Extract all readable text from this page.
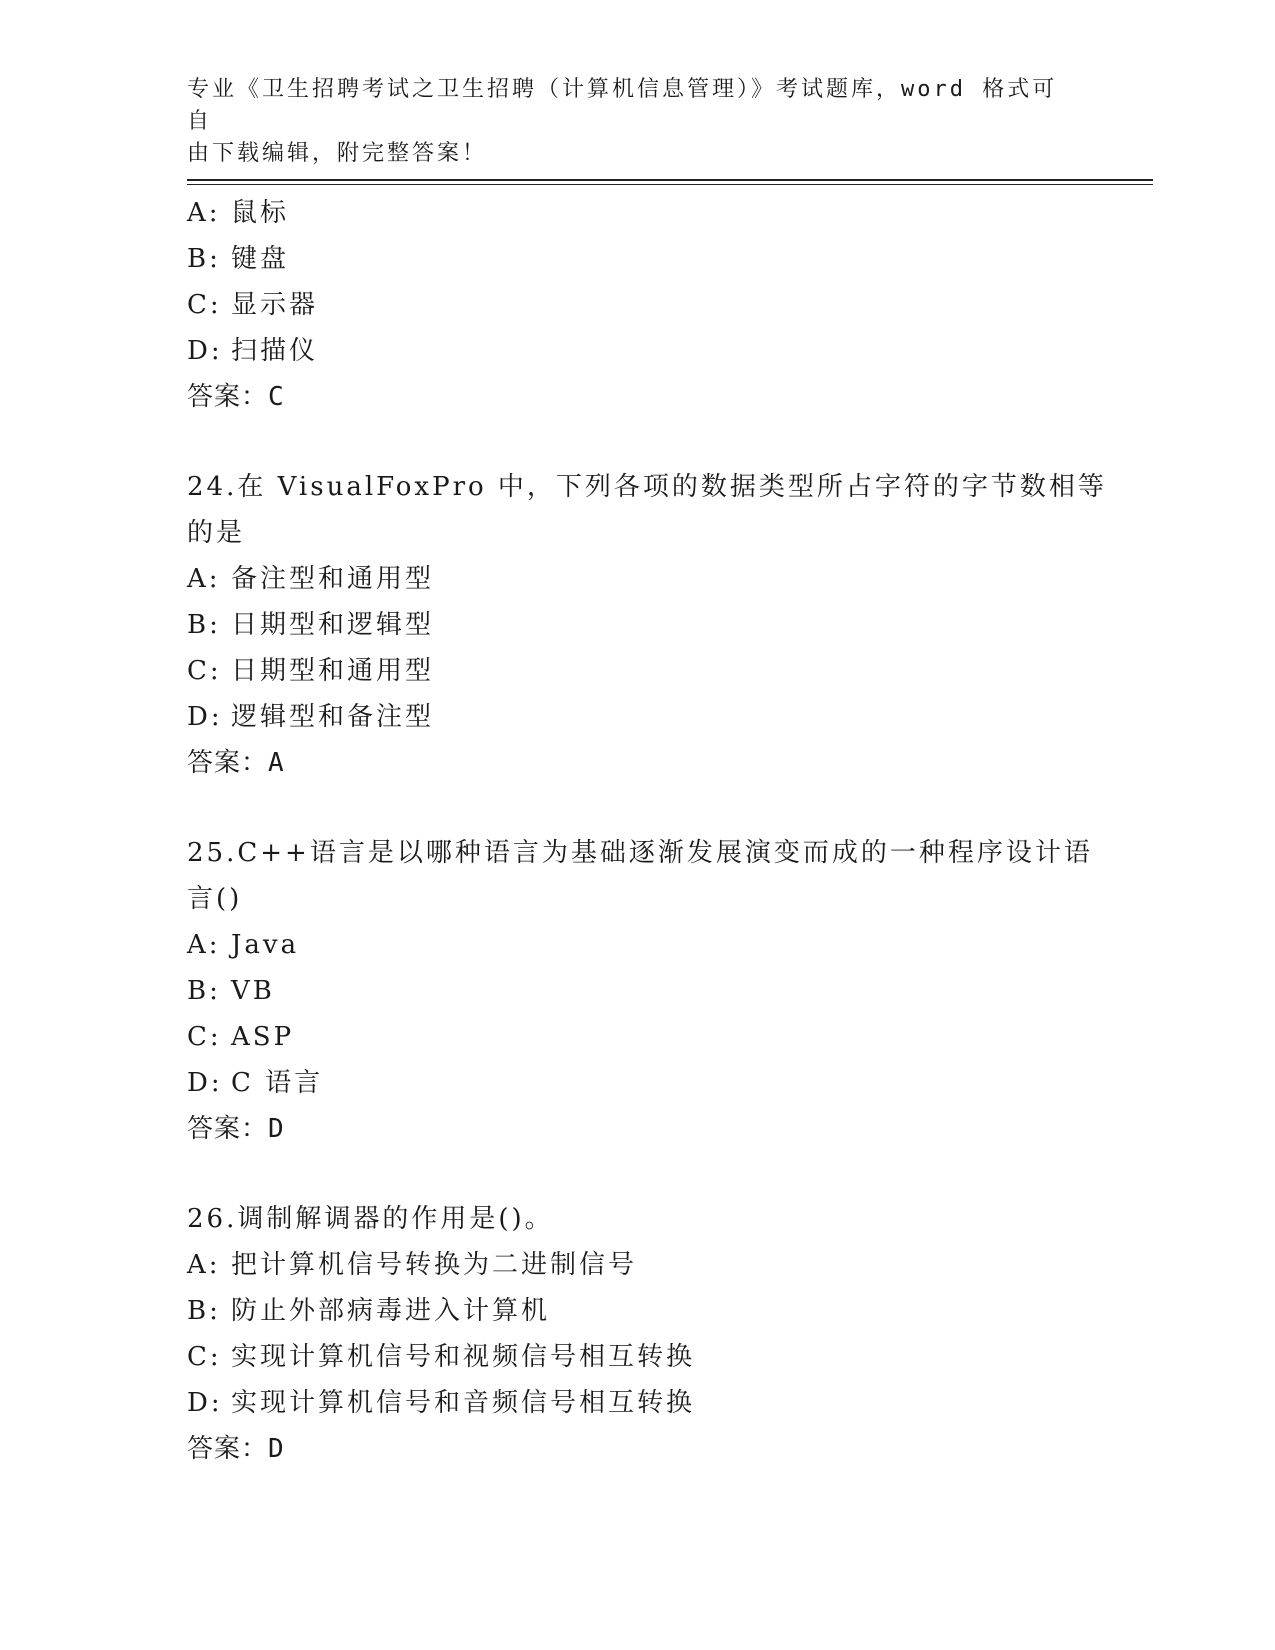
专业《卫生招聘考试之卫生招聘（计算机信息管理）》考试题库，word 格式可自
由下载编辑，附完整答案！
A: 鼠标
B: 键盘
C: 显示器
D: 扫描仪
答案：C
24.在 VisualFoxPro 中，下列各项的数据类型所占字符的字节数相等
的是
A: 备注型和通用型
B: 日期型和逻辑型
C: 日期型和通用型
D: 逻辑型和备注型
答案：A
25.C++语言是以哪种语言为基础逐渐发展演变而成的一种程序设计语
言()
A: Java
B: VB
C: ASP
D: C 语言
答案：D
26.调制解调器的作用是()。
A: 把计算机信号转换为二进制信号
B: 防止外部病毒进入计算机
C: 实现计算机信号和视频信号相互转换
D: 实现计算机信号和音频信号相互转换
答案：D
